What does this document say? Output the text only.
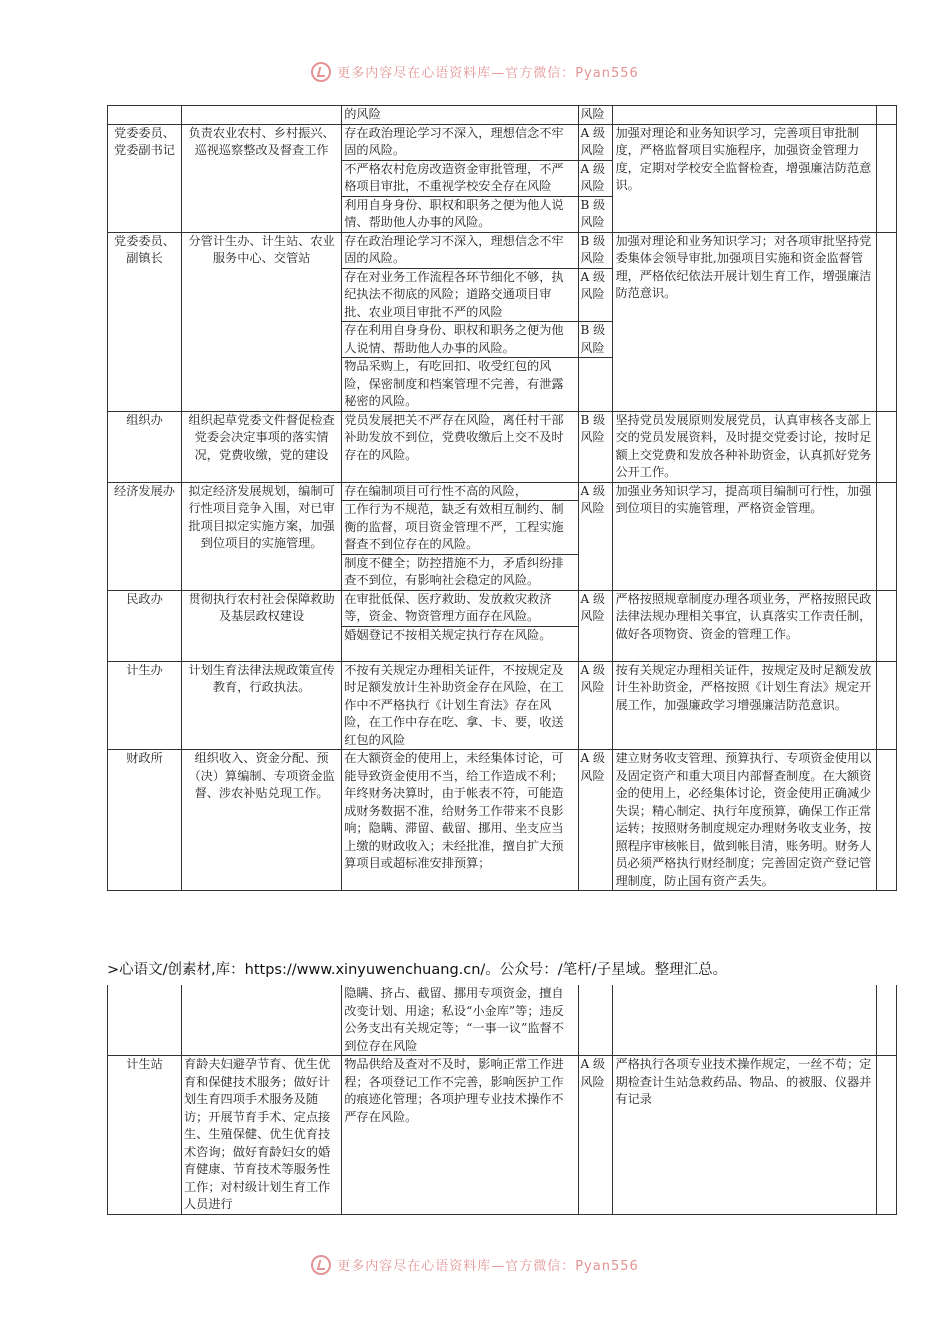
更多内容尽在心语资料库—官方微信：Pyan556
		的风险	风险		
党委委员、党委副书记	负责农业农村、乡村振兴、巡视巡察整改及督查工作	存在政治理论学习不深入，理想信念不牢固的风险。	A 级风险	加强对理论和业务知识学习，完善项目审批制度，严格监督项目实施程序，加强资金管理力度，定期对学校安全监督检查，增强廉洁防范意识。	
		不严格农村危房改造资金审批管理，不严格项目审批，不重视学校安全存在风险	A 级风险		
		利用自身身份、职权和职务之便为他人说情、帮助他人办事的风险。	B 级风险		
党委委员、副镇长	分管计生办、计生站、农业服务中心、交管站	存在政治理论学习不深入，理想信念不牢固的风险。	B 级风险	加强对理论和业务知识学习；对各项审批坚持党委集体会领导审批,加强项目实施和资金监督管理，严格依纪依法开展计划生育工作，增强廉洁防范意识。	
		存在对业务工作流程各环节细化不够，执纪执法不彻底的风险；道路交通项目审批、农业项目审批不严的风险	A 级风险		
		存在利用自身身份、职权和职务之便为他人说情、帮助他人办事的风险。	B 级风险		
		物品采购上，有吃回扣、收受红包的风险，保密制度和档案管理不完善，有泄露秘密的风险。			
组织办	组织起草党委文件督促检查党委会决定事项的落实情况，党费收缴，党的建设	党员发展把关不严存在风险，离任村干部补助发放不到位，党费收缴后上交不及时存在的风险。	B 级风险	坚持党员发展原则发展党员，认真审核各支部上交的党员发展资料，及时提交党委讨论，按时足额上交党费和发放各种补助资金，认真抓好党务公开工作。	
经济发展办	拟定经济发展规划，编制可行性项目竞争入围，对已审批项目拟定实施方案，加强到位项目的实施管理。	存在编制项目可行性不高的风险，	A 级风险	加强业务知识学习，提高项目编制可行性，加强到位项目的实施管理，严格资金管理。	
		工作行为不规范，缺乏有效相互制约、制衡的监督，项目资金管理不严，工程实施督查不到位存在的风险。			
		制度不健全；防控措施不力，矛盾纠纷排查不到位，有影响社会稳定的风险。			
民政办	贯彻执行农村社会保障救助及基层政权建设	在审批低保、医疗救助、发放救灾救济等，资金、物资管理方面存在风险。	A 级风险	严格按照规章制度办理各项业务，严格按照民政法律法规办理相关事宜，认真落实工作责任制，做好各项物资、资金的管理工作。	
		婚姻登记不按相关规定执行存在风险。			
计生办	计划生育法律法规政策宣传教育，行政执法。	不按有关规定办理相关证件，不按规定及时足额发放计生补助资金存在风险，在工作中不严格执行《计划生育法》存在风险，在工作中存在吃、拿、卡、要，收送红包的风险	A 级风险	按有关规定办理相关证件，按规定及时足额发放计生补助资金，严格按照《计划生育法》规定开展工作，加强廉政学习增强廉洁防范意识。	
财政所	组织收入、资金分配、预（决）算编制、专项资金监督、涉农补贴兑现工作。	在大额资金的使用上，未经集体讨论，可能导致资金使用不当，给工作造成不利；年终财务决算时，由于帐表不符，可能造成财务数据不准，给财务工作带来不良影响；隐瞒、滞留、截留、挪用、坐支应当上缴的财政收入；未经批准，擅自扩大预算项目或超标准安排预算；	A 级风险	建立财务收支管理、预算执行、专项资金使用以及固定资产和重大项目内部督查制度。在大额资金的使用上，必经集体讨论，资金使用正确减少失误；精心制定、执行年度预算，确保工作正常运转；按照财务制度规定办理财务收支业务，按照程序审核帐目，做到帐目清，账务明。财务人员必须严格执行财经制度；完善固定资产登记管理制度，防止国有资产丢失。	
>心语文/创素材,库：https://www.xinyuwenchuang.cn/。公众号：/笔杆/子星域。整理汇总。
		隐瞒、挤占、截留、挪用专项资金，擅自改变计划、用途；私设“小金库”等；违反公务支出有关规定等；“一事一议”监督不到位存在风险			
计生站	育龄夫妇避孕节育、优生优育和保健技术服务；做好计划生育四项手术服务及随访；开展节育手术、定点接生、生殖保健、优生优育技术咨询；做好育龄妇女的婚育健康、节育技术等服务性工作；对村级计划生育工作人员进行	物品供给及查对不及时，影响正常工作进程；各项登记工作不完善，影响医护工作的痕迹化管理；各项护理专业技术操作不严存在风险。	A 级风险	严格执行各项专业技术操作规定，一丝不苟；定期检查计生站急救药品、物品、的被服、仪器并有记录	
更多内容尽在心语资料库—官方微信：Pyan556
